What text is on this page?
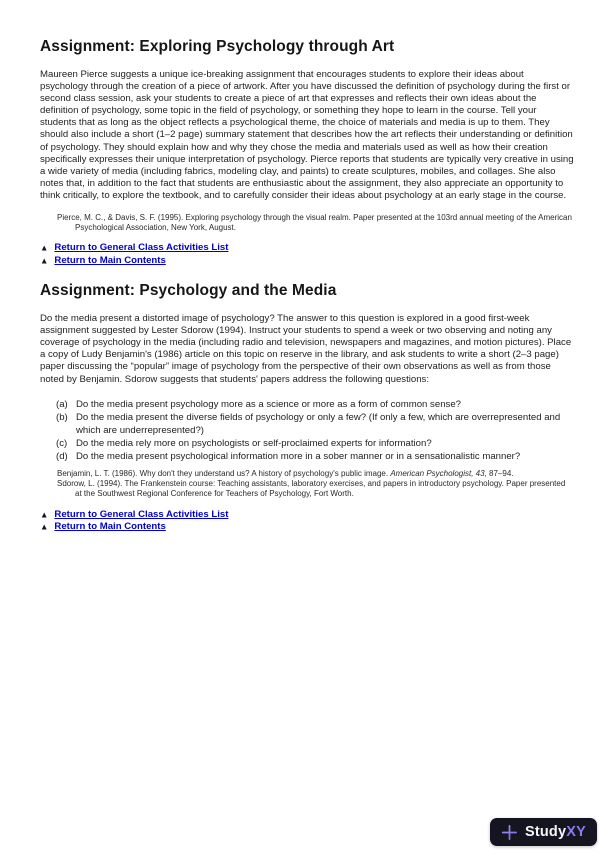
Assignment: Exploring Psychology through Art

Maureen Pierce suggests a unique ice-breaking assignment that encourages students to explore their ideas about psychology through the creation of a piece of artwork. After you have discussed the definition of psychology during the first or second class session, ask your students to create a piece of art that expresses and reflects their own ideas about the definition of psychology, some topic in the field of psychology, or something they hope to learn in the course. Tell your students that as long as the object reflects a psychological theme, the choice of materials and media is up to them. They should also include a short (1–2 page) summary statement that describes how the art reflects their understanding or definition of psychology. They should explain how and why they chose the media and materials used as well as how their creation specifically expresses their unique interpretation of psychology. Pierce reports that students are typically very creative in using a wide variety of media (including fabrics, modeling clay, and paints) to create sculptures, mobiles, and collages. She also notes that, in addition to the fact that students are enthusiastic about the assignment, they also appreciate an opportunity to think critically, to explore the textbook, and to carefully consider their ideas about psychology at an early stage in the course.

Pierce, M. C., & Davis, S. F. (1995). Exploring psychology through the visual realm. Paper presented at the 103rd annual meeting of the American Psychological Association, New York, August.

▲ Return to General Class Activities List
▲ Return to Main Contents
Assignment: Psychology and the Media

Do the media present a distorted image of psychology? The answer to this question is explored in a good first-week assignment suggested by Lester Sdorow (1994). Instruct your students to spend a week or two observing and noting any coverage of psychology in the media (including radio and television, newspapers and magazines, and motion pictures). Place a copy of Ludy Benjamin's (1986) article on this topic on reserve in the library, and ask students to write a short (2–3 page) paper discussing the “popular” image of psychology from the perspective of their own observations as well as from those noted by Benjamin. Sdorow suggests that students' papers address the following questions:

(a) Do the media present psychology more as a science or more as a form of common sense?
(b) Do the media present the diverse fields of psychology or only a few? (If only a few, which are overrepresented and which are underrepresented?)
(c) Do the media rely more on psychologists or self-proclaimed experts for information?
(d) Do the media present psychological information more in a sober manner or in a sensationalistic manner?

Benjamin, L. T. (1986). Why don't they understand us? A history of psychology's public image. American Psychologist, 43, 87–94.

Sdorow, L. (1994). The Frankenstein course: Teaching assistants, laboratory exercises, and papers in introductory psychology. Paper presented at the Southwest Regional Conference for Teachers of Psychology, Fort Worth.

▲ Return to General Class Activities List
▲ Return to Main Contents
StudyXY
